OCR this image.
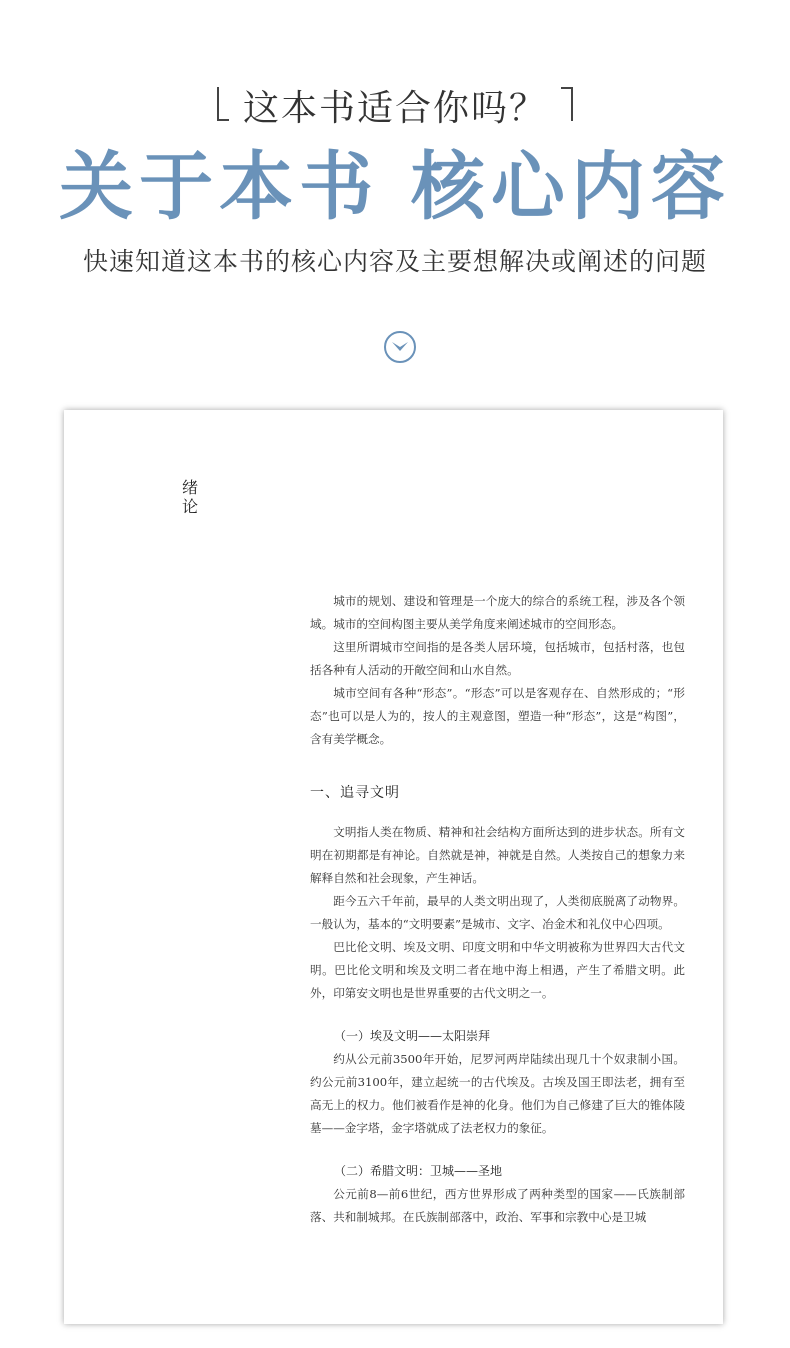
这本书适合你吗？
关于本书 核心内容
快速知道这本书的核心内容及主要想解决或阐述的问题
绪论

城市的规划、建设和管理是一个庞大的综合的系统工程，涉及各个领域。城市的空间构图主要从美学角度来阐述城市的空间形态。

这里所谓城市空间指的是各类人居环境，包括城市，包括村落，也包括各种有人活动的开敞空间和山水自然。

城市空间有各种“形态”。“形态”可以是客观存在、自然形成的；“形态”也可以是人为的，按人的主观意图，塑造一种“形态”，这是“构图”，含有美学概念。

一、追寻文明

文明指人类在物质、精神和社会结构方面所达到的进步状态。所有文明在初期都是有神论。自然就是神，神就是自然。人类按自己的想象力来解释自然和社会现象，产生神话。

距今五六千年前，最早的人类文明出现了，人类彻底脱离了动物界。一般认为，基本的“文明要素”是城市、文字、冶金术和礼仪中心四项。

巴比伦文明、埃及文明、印度文明和中华文明被称为世界四大古代文明。巴比伦文明和埃及文明二者在地中海上相遇，产生了希腊文明。此外，印第安文明也是世界重要的古代文明之一。

（一）埃及文明——太阳崇拜

约从公元前3500年开始，尼罗河两岸陆续出现几十个奴隶制小国。约公元前3100年，建立起统一的古代埃及。古埃及国王即法老，拥有至高无上的权力。他们被看作是神的化身。他们为自己修建了巨大的锥体陵墓——金字塔，金字塔就成了法老权力的象征。

（二）希腊文明：卫城——圣地

公元前8—前6世纪，西方世界形成了两种类型的国家——氏族制部落、共和制城邦。在氏族制部落中，政治、军事和宗教中心是卫城
